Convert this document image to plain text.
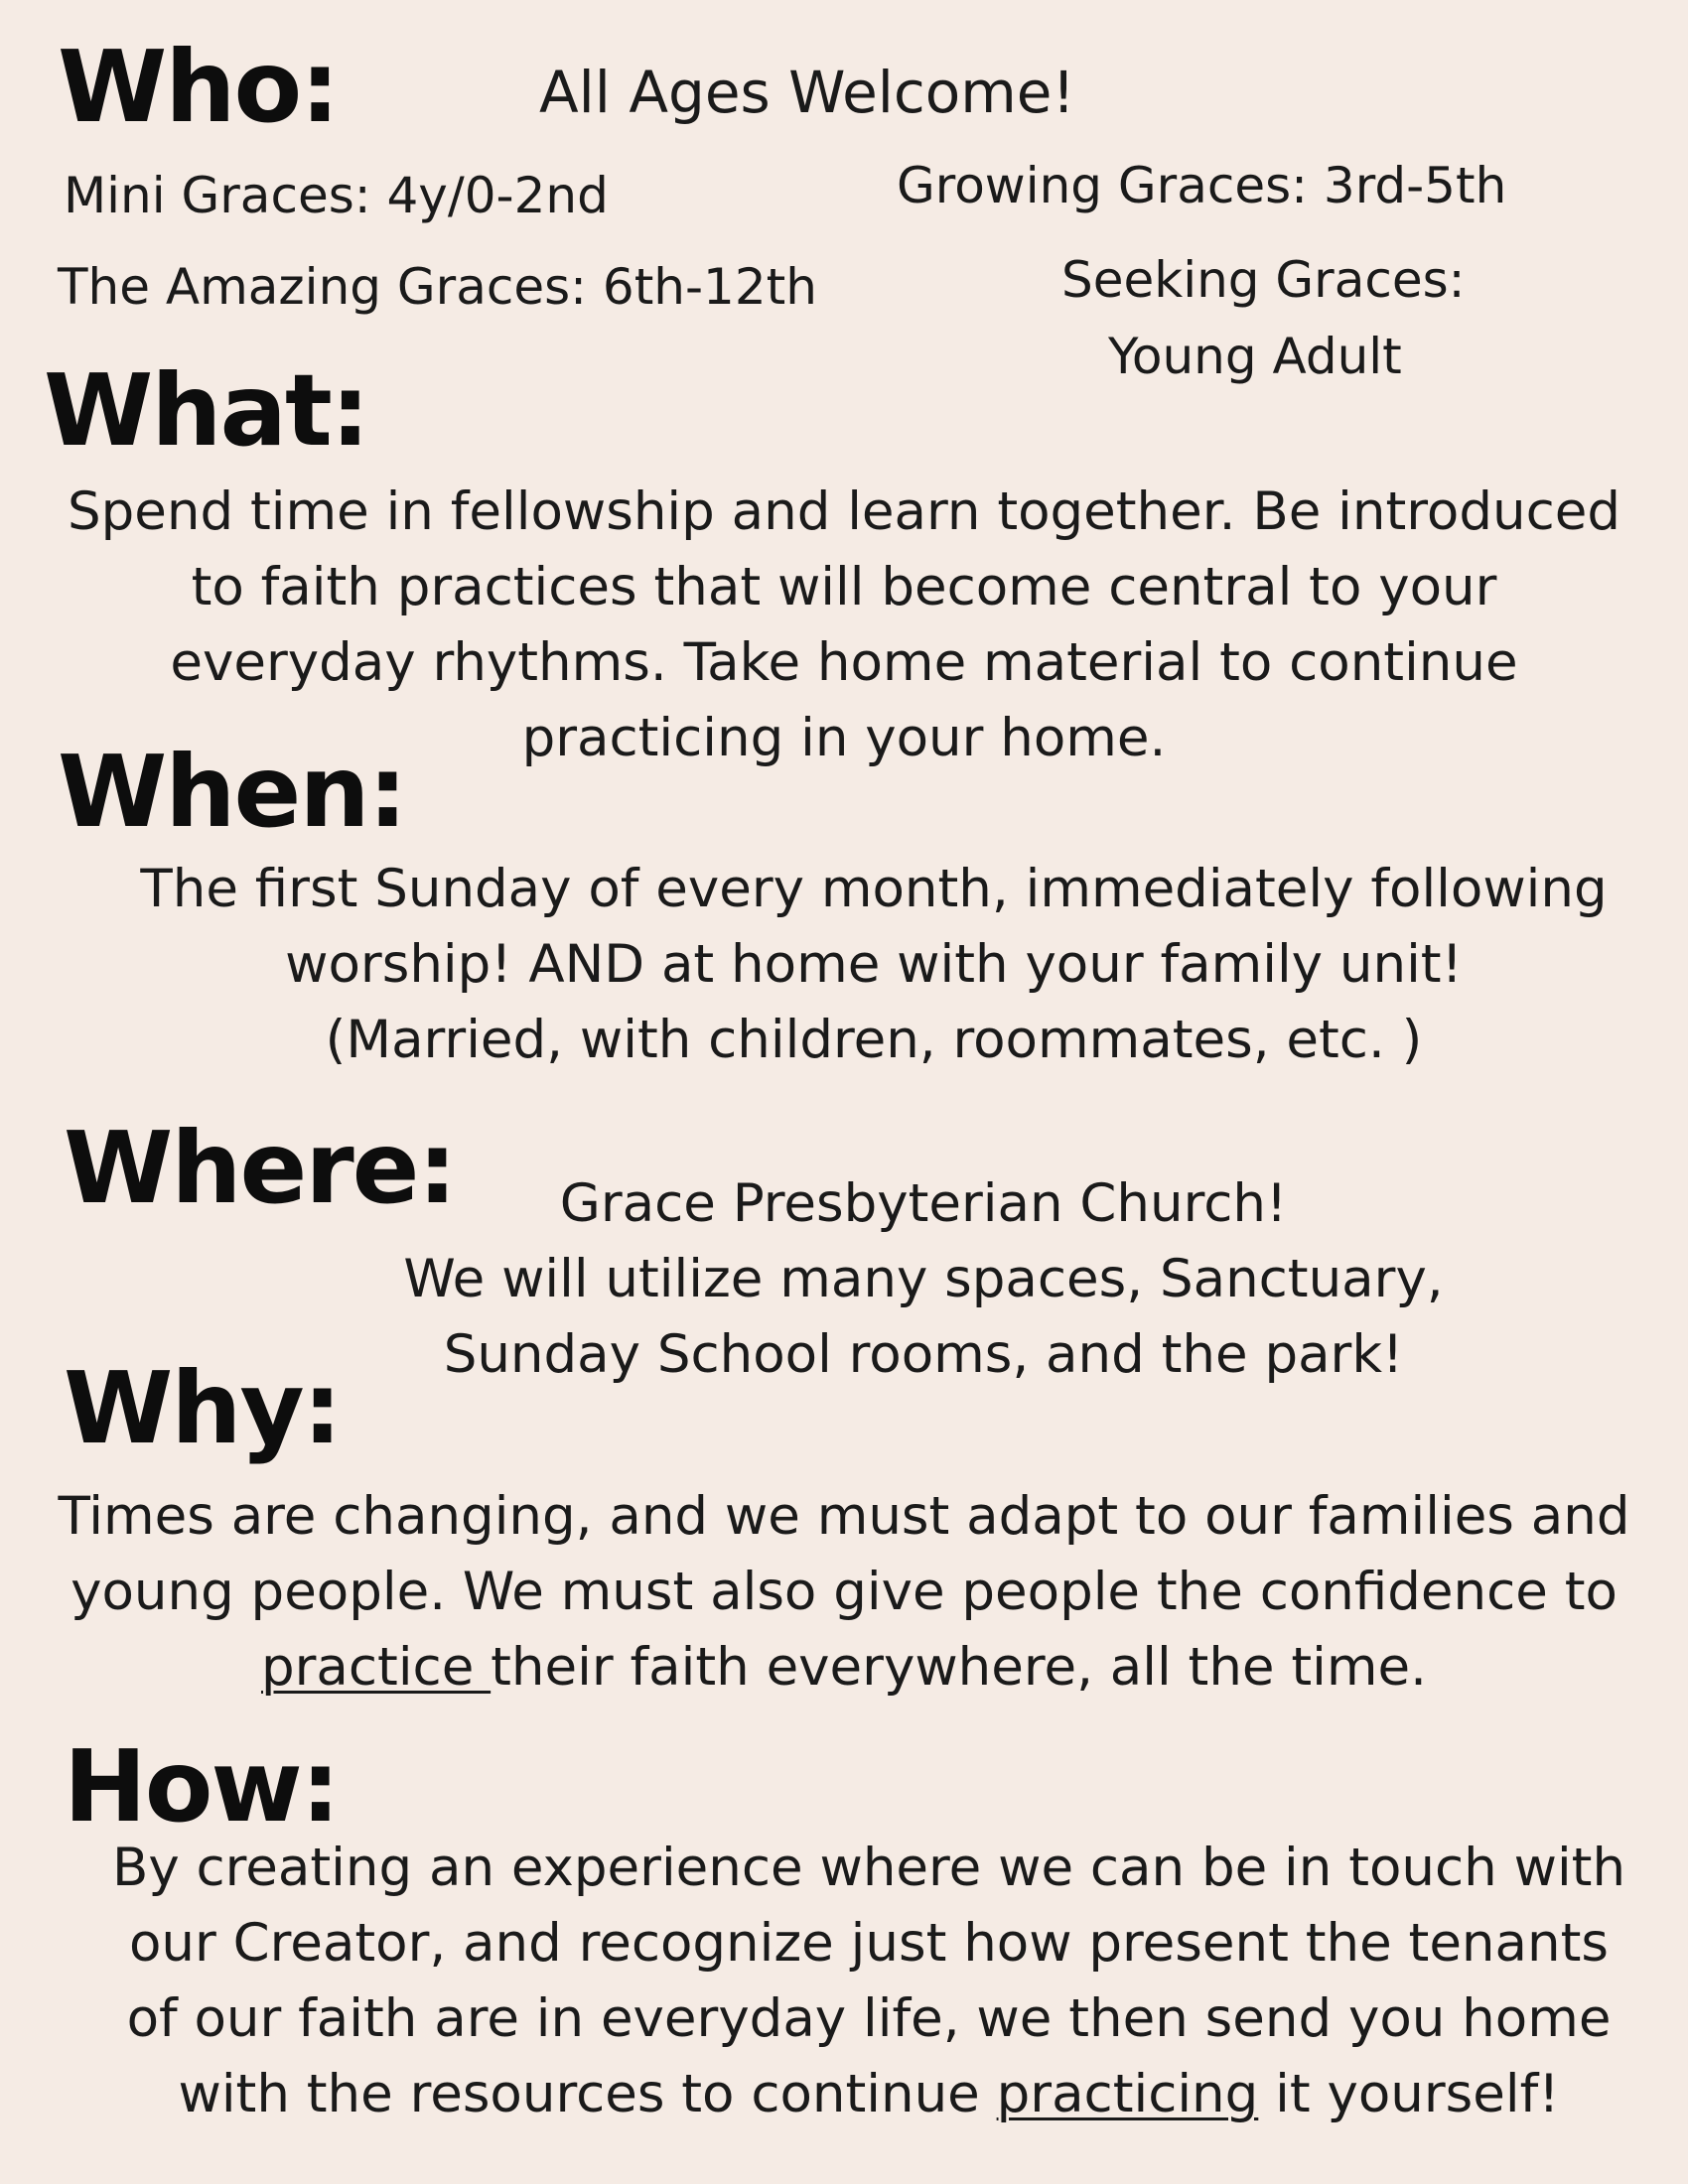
Who:	All Ages Welcome!

Mini Graces: 4y/0-2nd	Growing Graces: 3rd-5th

The Amazing Graces: 6th-12th	Seeking Graces:

Young Adult

What:
Spend time in fellowship and learn together. Be introduced
to faith practices that will become central to your
everyday rhythms. Take home material to continue
practicing in your home.
When:
The first Sunday of every month, immediately following
worship! AND at home with your family unit!
(Married, with children, roommates, etc. )
Where:	Grace Presbyterian Church!
We will utilize many spaces, Sanctuary,
Sunday School rooms, and the park!
Why:
Times are changing, and we must adapt to our families and
young people. We must also give people the confidence to
practice their faith everywhere, all the time.
How:
By creating an experience where we can be in touch with
our Creator, and recognize just how present the tenants
of our faith are in everyday life, we then send you home
with the resources to continue practicing it yourself!
